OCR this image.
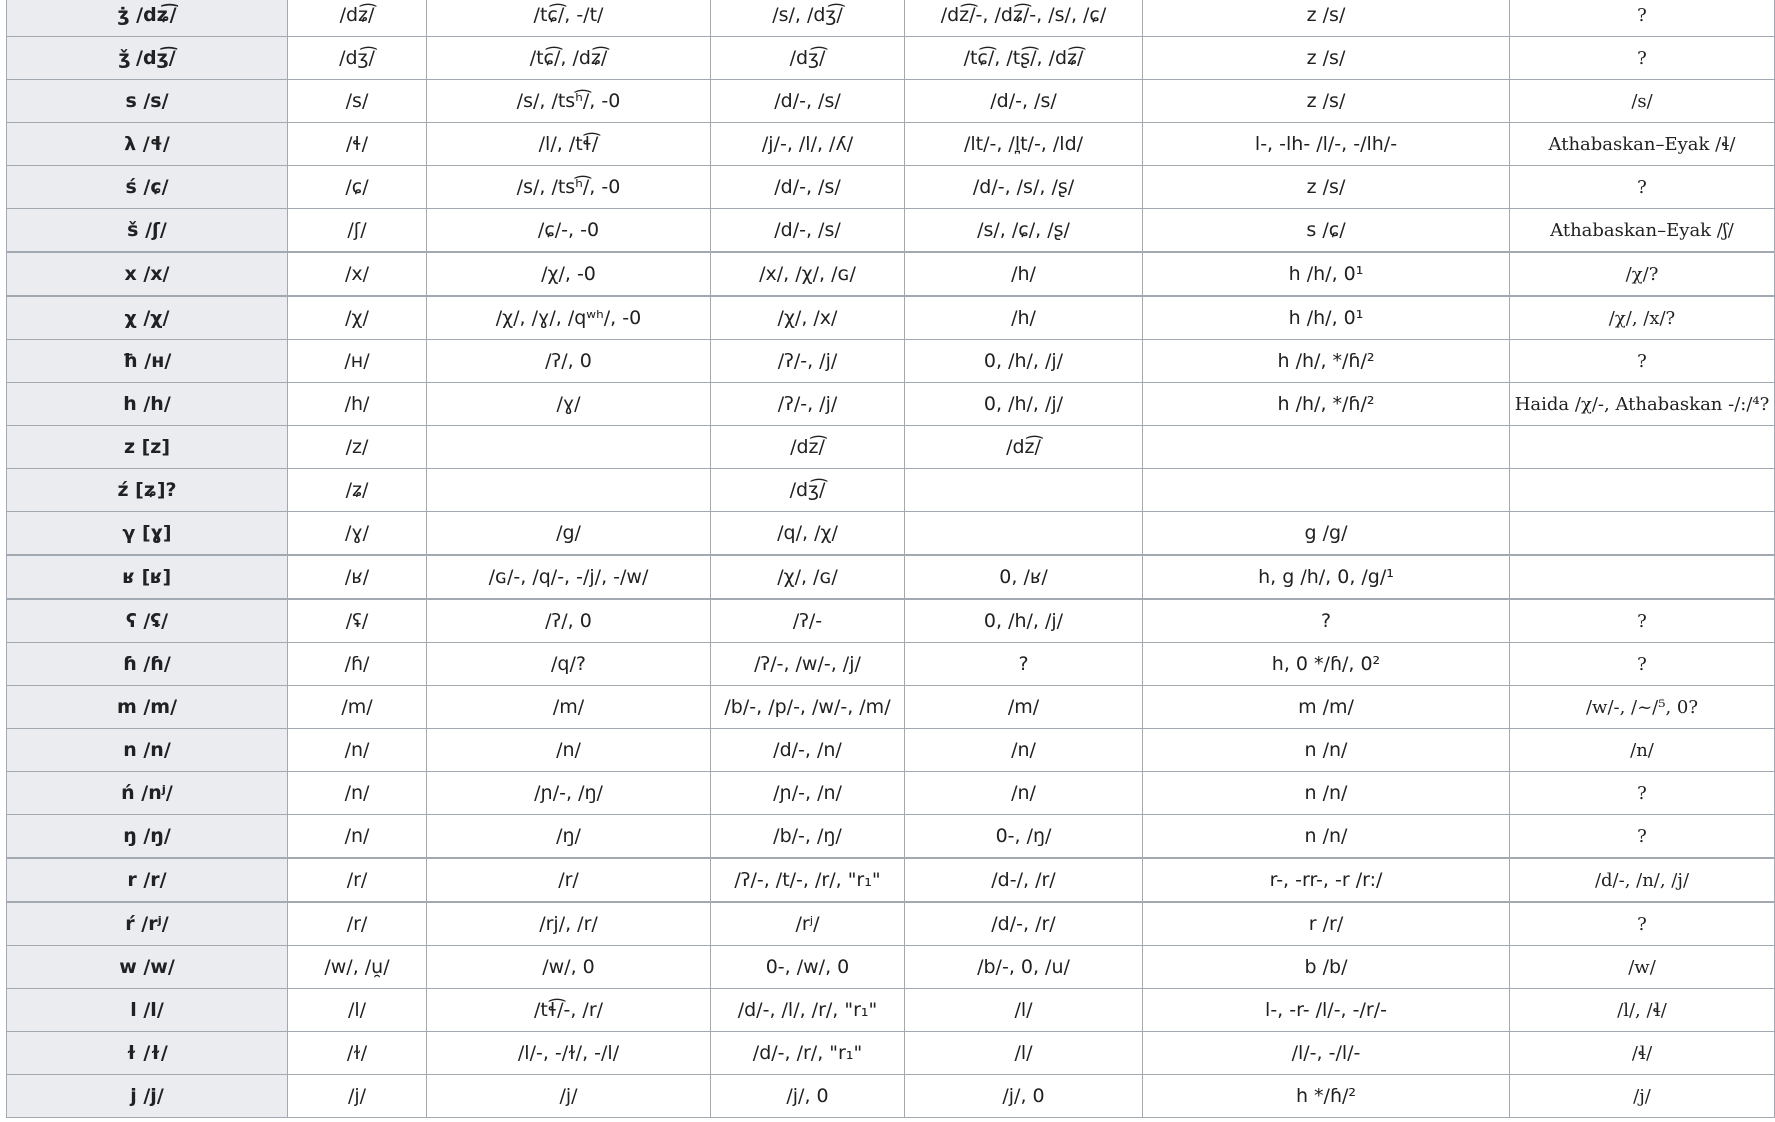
ʒ̇ /dʑ͡/	/dʑ͡/	/tɕ͡/, -/t/	/s/, /dʒ͡/	/dz͡/-, /dʑ͡/-, /s/, /ɕ/	z /s/	?
ǯ /dʒ͡/	/dʒ͡/	/tɕ͡/, /dʑ͡/	/dʒ͡/	/tɕ͡/, /tʂ͡/, /dʑ͡/	z /s/	?
s /s/	/s/	/s/, /tsʰ͡/, -0	/d/-, /s/	/d/-, /s/	z /s/	/s/
λ /ɬ/	/ɬ/	/l/, /tɬ͡/	/j/-, /l/, /ʎ/	/lt/-, /l̪t/-, /ld/	l-, -lh- /l/-, -/lh/-	Athabaskan–Eyak /ɬ/
ś /ɕ/	/ɕ/	/s/, /tsʰ͡/, -0	/d/-, /s/	/d/-, /s/, /ʂ/	z /s/	?
š /ʃ/	/ʃ/	/ɕ/-, -0	/d/-, /s/	/s/, /ɕ/, /ʂ/	s /ɕ/	Athabaskan–Eyak /ʃ/
x /x/	/x/	/χ/, -0	/x/, /χ/, /ɢ/	/h/	h /h/, 0¹	/χ/?
χ /χ/	/χ/	/χ/, /ɣ/, /qʷʰ/, -0	/χ/, /x/	/h/	h /h/, 0¹	/χ/, /x/?
ħ /ʜ/	/ʜ/	/ʔ/, 0	/ʔ/-, /j/	0, /h/, /j/	h /h/, */ɦ/²	?
h /h/	/h/	/ɣ/	/ʔ/-, /j/	0, /h/, /j/	h /h/, */ɦ/²	Haida /χ/-, Athabaskan -/:/⁴?
z [z]	/z/		/dz͡/	/dz͡/		
ź [ʑ]?	/ʑ/		/dʒ͡/			
γ [ɣ]	/ɣ/	/g/	/q/, /χ/		g /g/	
ʁ [ʁ]	/ʁ/	/ɢ/-, /q/-, -/j/, -/w/	/χ/, /ɢ/	0, /ʁ/	h, g /h/, 0, /g/¹	
ʕ /ʢ/	/ʢ/	/ʔ/, 0	/ʔ/-	0, /h/, /j/	?	?
ɦ /ɦ/	/ɦ/	/q/?	/ʔ/-, /w/-, /j/	?	h, 0 */ɦ/, 0²	?
m /m/	/m/	/m/	/b/-, /p/-, /w/-, /m/	/m/	m /m/	/w/-, /~/⁵, 0?
n /n/	/n/	/n/	/d/-, /n/	/n/	n /n/	/n/
ń /nʲ/	/n/	/ɲ/-, /ŋ/	/ɲ/-, /n/	/n/	n /n/	?
ŋ /ŋ/	/n/	/ŋ/	/b/-, /ŋ/	0-, /ŋ/	n /n/	?
r /r/	/r/	/r/	/ʔ/-, /t/-, /r/, "r₁"	/d-/, /r/	r-, -rr-, -r /r:/	/d/-, /n/, /j/
ŕ /rʲ/	/r/	/rj/, /r/	/rʲ/	/d/-, /r/	r /r/	?
w /w/	/w/, /u̯/	/w/, 0	0-, /w/, 0	/b/-, 0, /u/	b /b/	/w/
l /l/	/l/	/tɬ͡/-, /r/	/d/-, /l/, /r/, "r₁"	/l/	l-, -r- /l/-, -/r/-	/l/, /ɬ/
ɫ /ɫ/	/ɫ/	/l/-, -/ɫ/, -/l/	/d/-, /r/, "r₁"	/l/	/l/-, -/l/-	/ɬ/
j /j/	/j/	/j/	/j/, 0	/j/, 0	h */ɦ/²	/j/
